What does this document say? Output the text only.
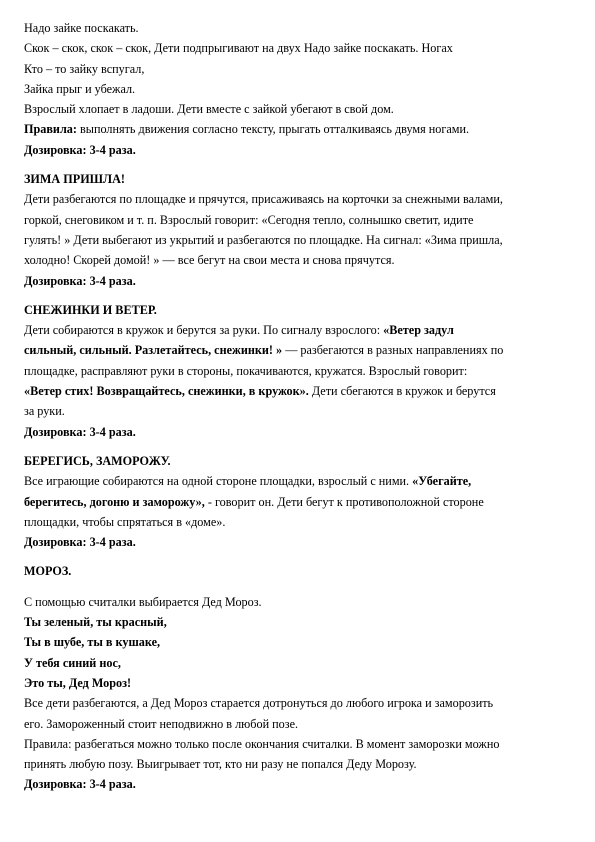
Надо зайке поскакать.

Скок – скок, скок – скок, Дети подпрыгивают на двух Надо зайке поскакать. Ногах

Кто – то зайку вспугал,

Зайка прыг и убежал.

Взрослый хлопает в ладоши. Дети вместе с зайкой убегают в свой дом.

Правила: выполнять движения согласно тексту, прыгать отталкиваясь двумя ногами.

Дозировка: 3-4 раза.

ЗИМА ПРИШЛА!

Дети разбегаются по площадке и прячутся, присаживаясь на корточки за снежными валами,

горкой, снеговиком и т. п. Взрослый говорит: «Сегодня тепло, солнышко светит, идите

гулять! » Дети выбегают из укрытий и разбегаются по площадке. На сигнал: «Зима пришла,

холодно! Скорей домой! » — все бегут на свои места и снова прячутся.

Дозировка: 3-4 раза.

СНЕЖИНКИ И ВЕТЕР.

Дети собираются в кружок и берутся за руки. По сигналу взрослого: «Ветер задул

сильный, сильный. Разлетайтесь, снежинки! » — разбегаются в разных направлениях по

площадке, расправляют руки в стороны, покачиваются, кружатся. Взрослый говорит:

«Ветер стих! Возвращайтесь, снежинки, в кружок». Дети сбегаются в кружок и берутся

за руки.

Дозировка: 3-4 раза.

БЕРЕГИСЬ, ЗАМОРОЖУ.

Все играющие собираются на одной стороне площадки, взрослый с ними. «Убегайте,

берегитесь, догоню и заморожу», - говорит он. Дети бегут к противоположной стороне

площадки, чтобы спрятаться в «доме».

Дозировка: 3-4 раза.

МОРОЗ.

С помощью считалки выбирается Дед Мороз.

Ты зеленый, ты красный,

Ты в шубе, ты в кушаке,

У тебя синий нос,

Это ты, Дед Мороз!

Все дети разбегаются, а Дед Мороз старается дотронуться до любого игрока и заморозить

его. Замороженный стоит неподвижно в любой позе.

Правила: разбегаться можно только после окончания считалки. В момент заморозки можно

принять любую позу. Выигрывает тот, кто ни разу не попался Деду Морозу.

Дозировка: 3-4 раза.
